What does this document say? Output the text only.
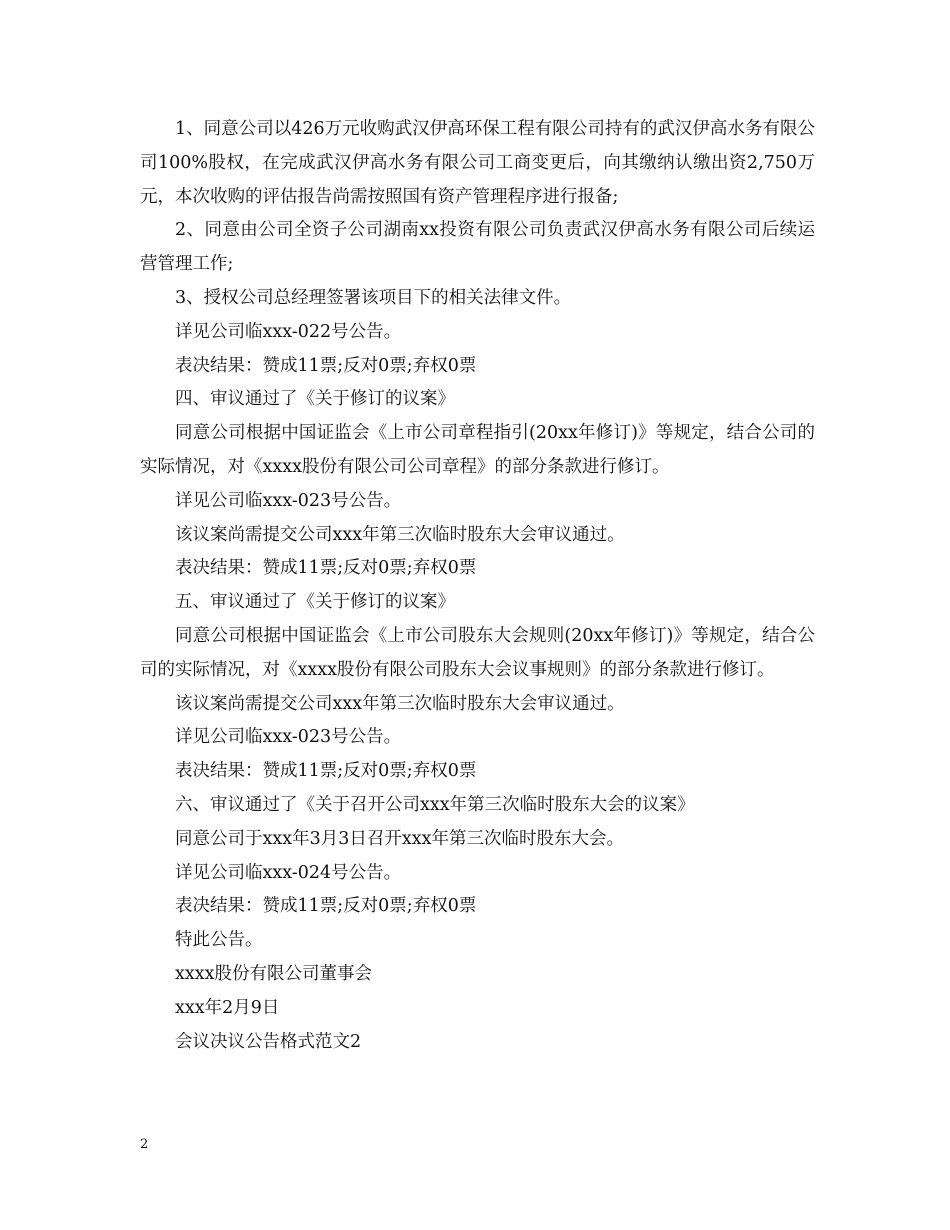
1、同意公司以426万元收购武汉伊高环保工程有限公司持有的武汉伊高水务有限公司100%股权，在完成武汉伊高水务有限公司工商变更后，向其缴纳认缴出资2,750万元，本次收购的评估报告尚需按照国有资产管理程序进行报备;

2、同意由公司全资子公司湖南xx投资有限公司负责武汉伊高水务有限公司后续运营管理工作;

3、授权公司总经理签署该项目下的相关法律文件。

详见公司临xxx-022号公告。

表决结果：赞成11票;反对0票;弃权0票

四、审议通过了《关于修订的议案》

同意公司根据中国证监会《上市公司章程指引(20xx年修订)》等规定，结合公司的实际情况，对《xxxx股份有限公司公司章程》的部分条款进行修订。

详见公司临xxx-023号公告。

该议案尚需提交公司xxx年第三次临时股东大会审议通过。

表决结果：赞成11票;反对0票;弃权0票

五、审议通过了《关于修订的议案》

同意公司根据中国证监会《上市公司股东大会规则(20xx年修订)》等规定，结合公司的实际情况，对《xxxx股份有限公司股东大会议事规则》的部分条款进行修订。

该议案尚需提交公司xxx年第三次临时股东大会审议通过。

详见公司临xxx-023号公告。

表决结果：赞成11票;反对0票;弃权0票

六、审议通过了《关于召开公司xxx年第三次临时股东大会的议案》

同意公司于xxx年3月3日召开xxx年第三次临时股东大会。

详见公司临xxx-024号公告。

表决结果：赞成11票;反对0票;弃权0票

特此公告。

xxxx股份有限公司董事会

xxx年2月9日

会议决议公告格式范文2

2
